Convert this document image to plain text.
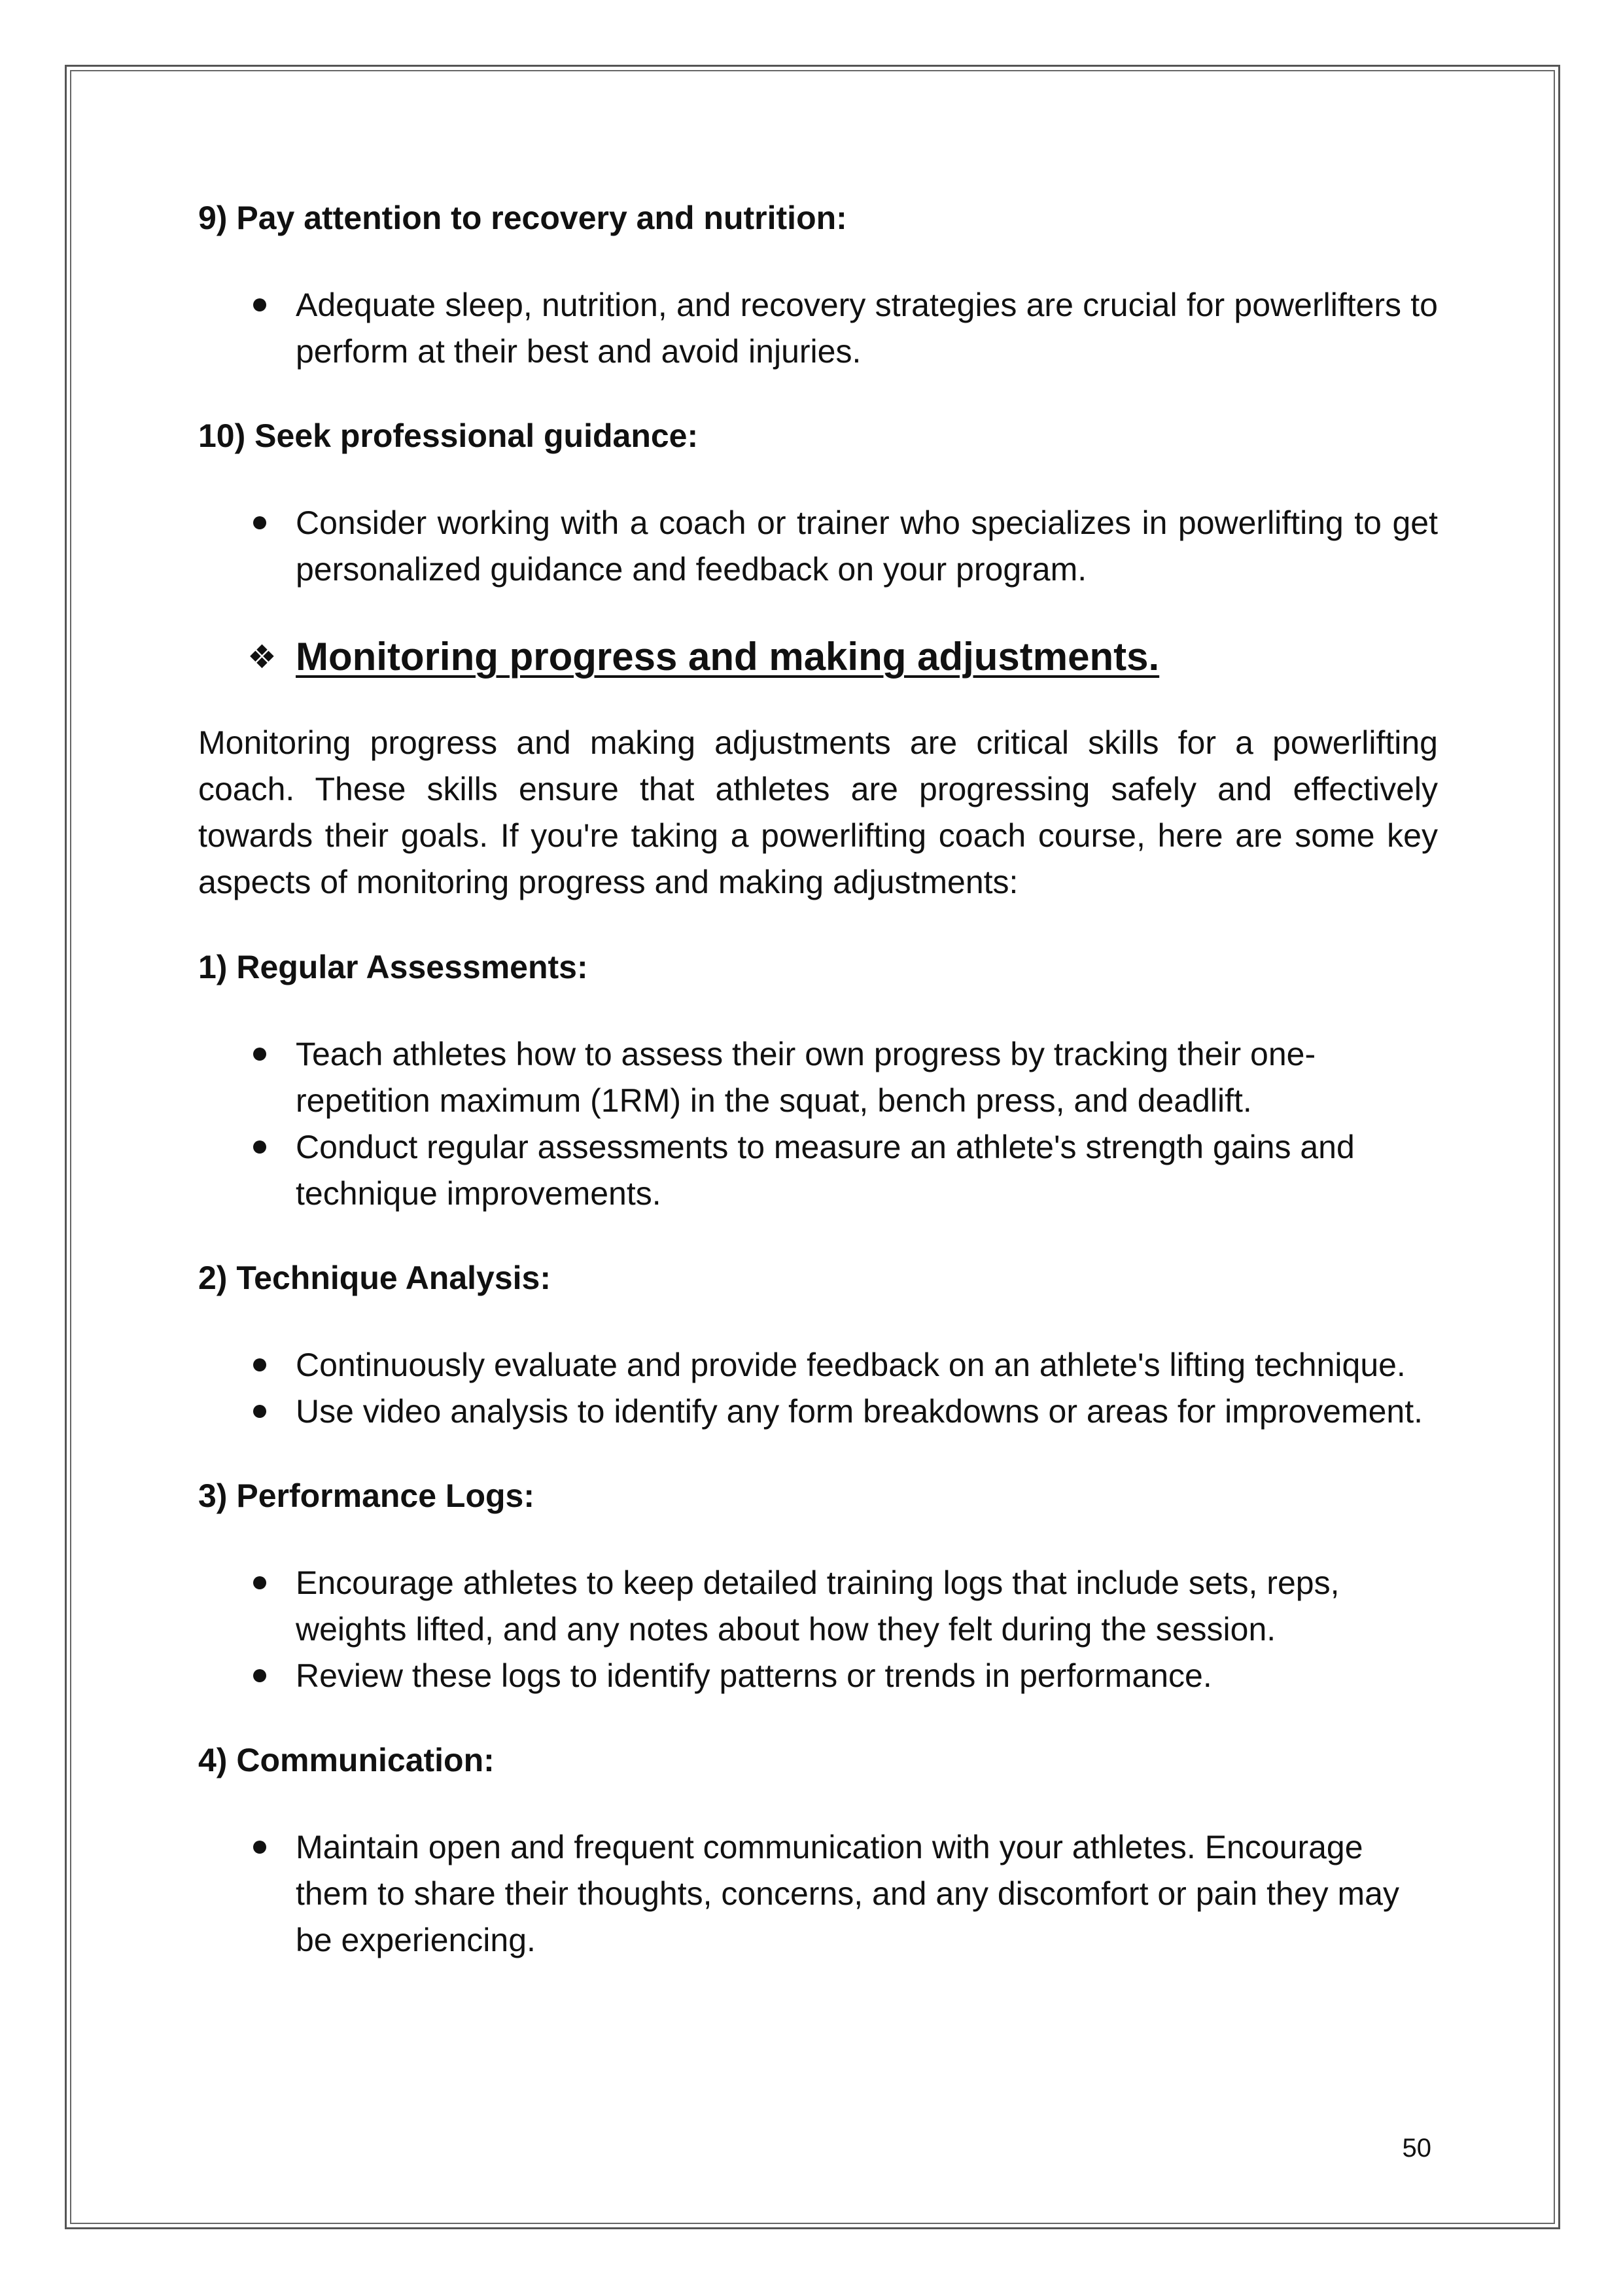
9) Pay attention to recovery and nutrition:

Adequate sleep, nutrition, and recovery strategies are crucial for powerlifters to perform at their best and avoid injuries.

10) Seek professional guidance:

Consider working with a coach or trainer who specializes in powerlifting to get personalized guidance and feedback on your program.
❖ Monitoring progress and making adjustments.

Monitoring progress and making adjustments are critical skills for a powerlifting coach. These skills ensure that athletes are progressing safely and effectively towards their goals. If you're taking a powerlifting coach course, here are some key aspects of monitoring progress and making adjustments:

1) Regular Assessments:

Teach athletes how to assess their own progress by tracking their one-repetition maximum (1RM) in the squat, bench press, and deadlift.
Conduct regular assessments to measure an athlete's strength gains and technique improvements.

2) Technique Analysis:

Continuously evaluate and provide feedback on an athlete's lifting technique.
Use video analysis to identify any form breakdowns or areas for improvement.

3) Performance Logs:

Encourage athletes to keep detailed training logs that include sets, reps, weights lifted, and any notes about how they felt during the session.
Review these logs to identify patterns or trends in performance.

4) Communication:

Maintain open and frequent communication with your athletes. Encourage them to share their thoughts, concerns, and any discomfort or pain they may be experiencing.
50
